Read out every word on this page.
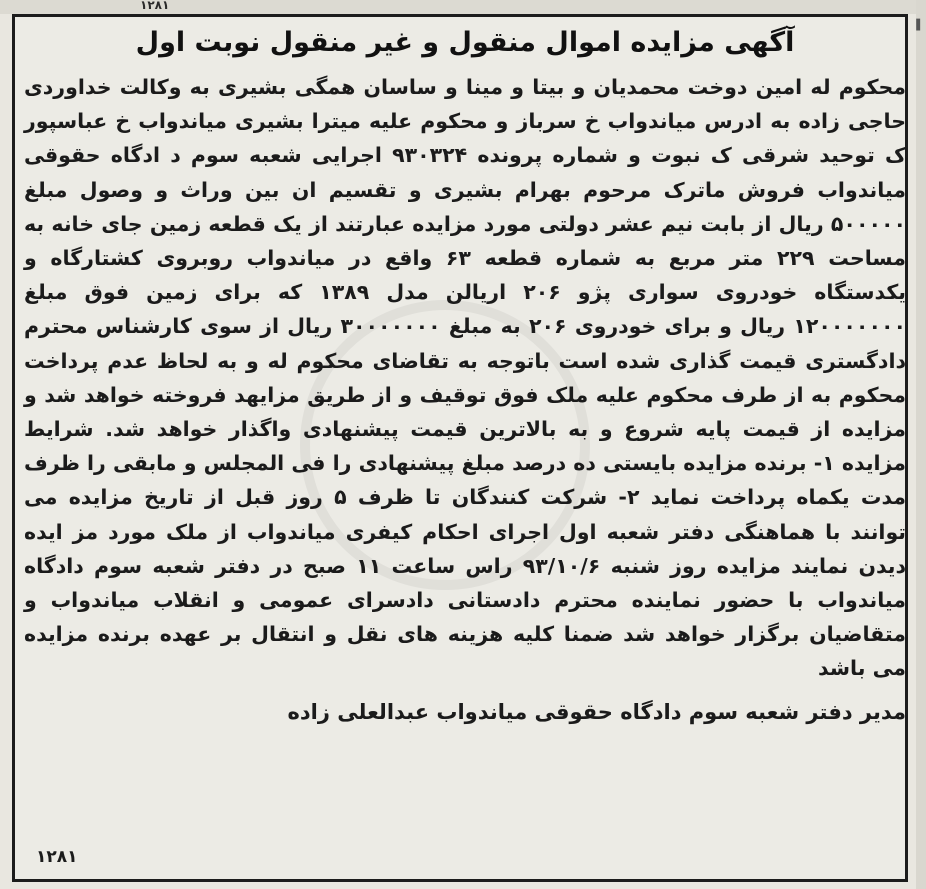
۱۲۸۱
▌
آگهی مزایده اموال منقول و غیر منقول نوبت اول

محکوم له امین دوخت محمدیان و بیتا و مینا و ساسان همگی بشیری به وکالت خداوردی حاجی زاده به ادرس میاندواب خ سرباز و محکوم علیه میترا بشیری میاندواب خ عباسپور ک توحید شرقی ک نبوت و شماره پرونده ۹۳۰۳۲۴ اجرایی شعبه سوم د ادگاه حقوقی میاندواب فروش ماترک مرحوم بهرام بشیری و تقسیم ان بین وراث و وصول مبلغ ۵۰۰۰۰۰ ریال از بابت نیم عشر دولتی مورد مزایده عبارتند از یک قطعه زمین جای خانه به مساحت ۲۲۹ متر مربع به شماره قطعه ۶۳ واقع در میاندواب روبروی کشتارگاه و یکدستگاه خودروی سواری پژو ۲۰۶ اریالن مدل ۱۳۸۹ که برای زمین فوق مبلغ ۱۲۰۰۰۰۰۰۰ ریال و برای خودروی ۲۰۶ به مبلغ ۳۰۰۰۰۰۰۰ ریال از سوی کارشناس محترم دادگستری قیمت گذاری شده است باتوجه به تقاضای محکوم له و به لحاظ عدم پرداخت محکوم به از طرف محکوم علیه ملک فوق توقیف و از طریق مزایهد فروخته خواهد شد و مزایده از قیمت پایه شروع و به بالاترین قیمت پیشنهادی واگذار خواهد شد. شرایط مزایده ۱- برنده مزایده بایستی ده درصد مبلغ پیشنهادی را فی المجلس و مابقی را ظرف مدت یکماه پرداخت نماید ۲- شرکت کنندگان تا ظرف ۵ روز قبل از تاریخ مزایده می توانند با هماهنگی دفتر شعبه اول اجرای احکام کیفری میاندواب از ملک مورد مز ایده دیدن نمایند مزایده روز شنبه ۹۳/۱۰/۶ راس ساعت ۱۱ صبح در دفتر شعبه سوم دادگاه میاندواب با حضور نماینده محترم دادستانی دادسرای عمومی و انقلاب میاندواب و متقاضیان برگزار خواهد شد ضمنا کلیه هزینه های نقل و انتقال بر عهده برنده مزایده می باشد

مدیر دفتر شعبه سوم دادگاه حقوقی میاندواب عبدالعلی زاده
۱۲۸۱
